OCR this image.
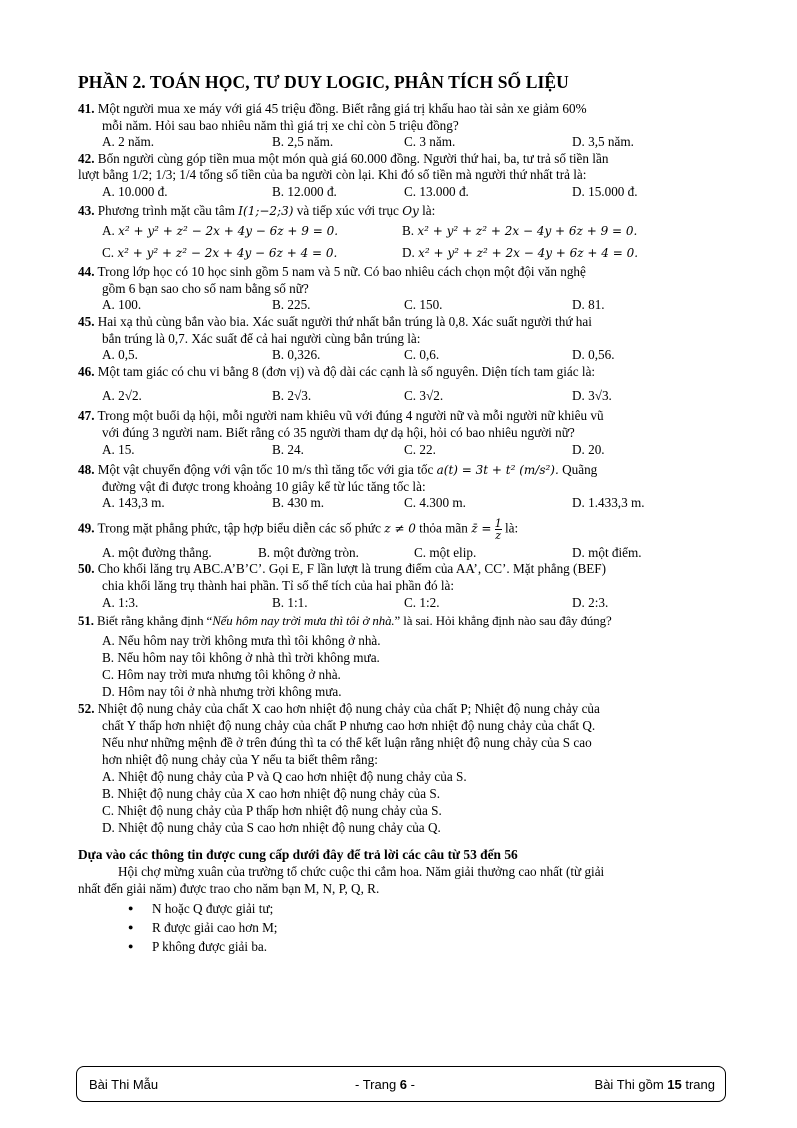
PHẦN 2. TOÁN HỌC, TƯ DUY LOGIC, PHÂN TÍCH SỐ LIỆU
41. Một người mua xe máy với giá 45 triệu đồng. Biết rằng giá trị khấu hao tài sản xe giảm 60%
mỗi năm. Hỏi sau bao nhiêu năm thì giá trị xe chỉ còn 5 triệu đồng?
A. 2 năm.	B. 2,5 năm.	C. 3 năm.	D. 3,5 năm.
42. Bốn người cùng góp tiền mua một món quà giá 60.000 đồng. Người thứ hai, ba, tư trả số tiền lần
lượt bằng 1/2; 1/3; 1/4 tổng số tiền của ba người còn lại. Khi đó số tiền mà người thứ nhất trả là:
A. 10.000 đ.	B. 12.000 đ.	C. 13.000 đ.	D. 15.000 đ.
43. Phương trình mặt cầu tâm I(1;−2;3) và tiếp xúc với trục Oy là:
A. x² + y² + z² − 2x + 4y − 6z + 9 = 0.	B. x² + y² + z² + 2x − 4y + 6z + 9 = 0.
C. x² + y² + z² − 2x + 4y − 6z + 4 = 0.	D. x² + y² + z² + 2x − 4y + 6z + 4 = 0.
44. Trong lớp học có 10 học sinh gồm 5 nam và 5 nữ. Có bao nhiêu cách chọn một đội văn nghệ
gồm 6 bạn sao cho số nam bằng số nữ?
A. 100.	B. 225.	C. 150.	D. 81.
45. Hai xạ thủ cùng bắn vào bia. Xác suất người thứ nhất bắn trúng là 0,8. Xác suất người thứ hai
bắn trúng là 0,7. Xác suất để cả hai người cùng bắn trúng là:
A. 0,5.	B. 0,326.	C. 0,6.	D. 0,56.
46. Một tam giác có chu vi bằng 8 (đơn vị) và độ dài các cạnh là số nguyên. Diện tích tam giác là:
A. 2√2.	B. 2√3.	C. 3√2.	D. 3√3.
47. Trong một buổi dạ hội, mỗi người nam khiêu vũ với đúng 4 người nữ và mỗi người nữ khiêu vũ
với đúng 3 người nam. Biết rằng có 35 người tham dự dạ hội, hỏi có bao nhiêu người nữ?
A. 15.	B. 24.	C. 22.	D. 20.
48. Một vật chuyển động với vận tốc 10 m/s thì tăng tốc với gia tốc a(t) = 3t + t² (m/s²). Quãng
đường vật đi được trong khoảng 10 giây kể từ lúc tăng tốc là:
A. 143,3 m.	B. 430 m.	C. 4.300 m.	D. 1.433,3 m.
49. Trong mặt phẳng phức, tập hợp biểu diễn các số phức z ≠ 0 thỏa mãn z̄ = $\frac{1}{z}$ là:
A. một đường thẳng.	B. một đường tròn.	C. một elip.	D. một điểm.
50. Cho khối lăng trụ ABC.A’B’C’. Gọi E, F lần lượt là trung điểm của AA’, CC’. Mặt phẳng (BEF)
chia khối lăng trụ thành hai phần. Tỉ số thể tích của hai phần đó là:
A. 1:3.	B. 1:1.	C. 1:2.	D. 2:3.
51. Biết rằng khẳng định “Nếu hôm nay trời mưa thì tôi ở nhà.” là sai. Hỏi khẳng định nào sau đây đúng?
A. Nếu hôm nay trời không mưa thì tôi không ở nhà.
B. Nếu hôm nay tôi không ở nhà thì trời không mưa.
C. Hôm nay trời mưa nhưng tôi không ở nhà.
D. Hôm nay tôi ở nhà nhưng trời không mưa.
52. Nhiệt độ nung chảy của chất X cao hơn nhiệt độ nung chảy của chất P; Nhiệt độ nung chảy của
chất Y thấp hơn nhiệt độ nung chảy của chất P nhưng cao hơn nhiệt độ nung chảy của chất Q.
Nếu như những mệnh đề ở trên đúng thì ta có thể kết luận rằng nhiệt độ nung chảy của S cao
hơn nhiệt độ nung chảy của Y nếu ta biết thêm rằng:
A. Nhiệt độ nung chảy của P và Q cao hơn nhiệt độ nung chảy của S.
B. Nhiệt độ nung chảy của X cao hơn nhiệt độ nung chảy của S.
C. Nhiệt độ nung chảy của P thấp hơn nhiệt độ nung chảy của S.
D. Nhiệt độ nung chảy của S cao hơn nhiệt độ nung chảy của Q.
Dựa vào các thông tin được cung cấp dưới đây để trả lời các câu từ 53 đến 56
Hội chợ mừng xuân của trường tổ chức cuộc thi cắm hoa. Năm giải thưởng cao nhất (từ giải
nhất đến giải năm) được trao cho năm bạn M, N, P, Q, R.
● N hoặc Q được giải tư;
● R được giải cao hơn M;
● P không được giải ba.
Bài Thi Mẫu	- Trang 6 -	Bài Thi gồm 15 trang
